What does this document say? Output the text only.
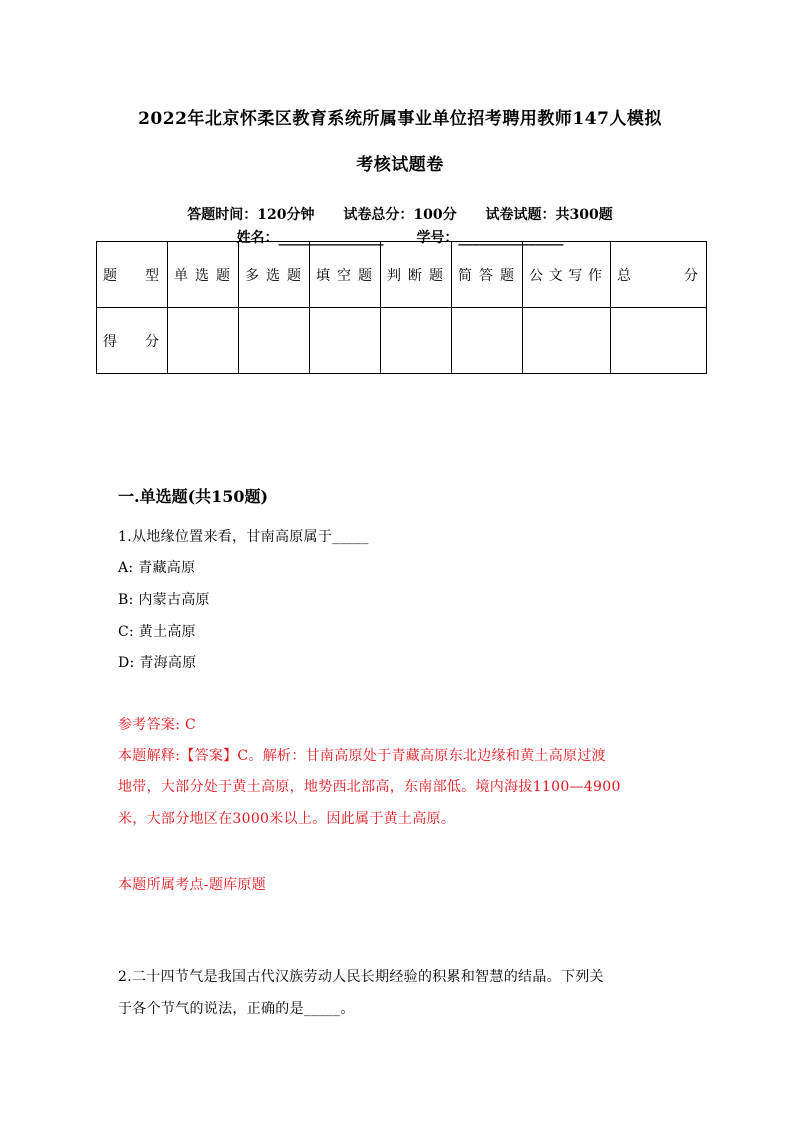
2022年北京怀柔区教育系统所属事业单位招考聘用教师147人模拟
考核试题卷
答题时间：120分钟 试卷总分：100分 试卷试题：共300题
姓名：_______________ 学号：_______________
题　型	单选题	多选题	填空题	判断题	简答题	公文写作	总　　分
得　分							
一.单选题(共150题)
1.从地缘位置来看，甘南高原属于_____
A: 青藏高原
B: 内蒙古高原
C: 黄土高原
D: 青海高原
参考答案: C
本题解释:【答案】C。解析：甘南高原处于青藏高原东北边缘和黄土高原过渡
地带，大部分处于黄土高原，地势西北部高，东南部低。境内海拔1100—4900
米，大部分地区在3000米以上。因此属于黄土高原。
本题所属考点-题库原题
2.二十四节气是我国古代汉族劳动人民长期经验的积累和智慧的结晶。下列关
于各个节气的说法，正确的是_____。
